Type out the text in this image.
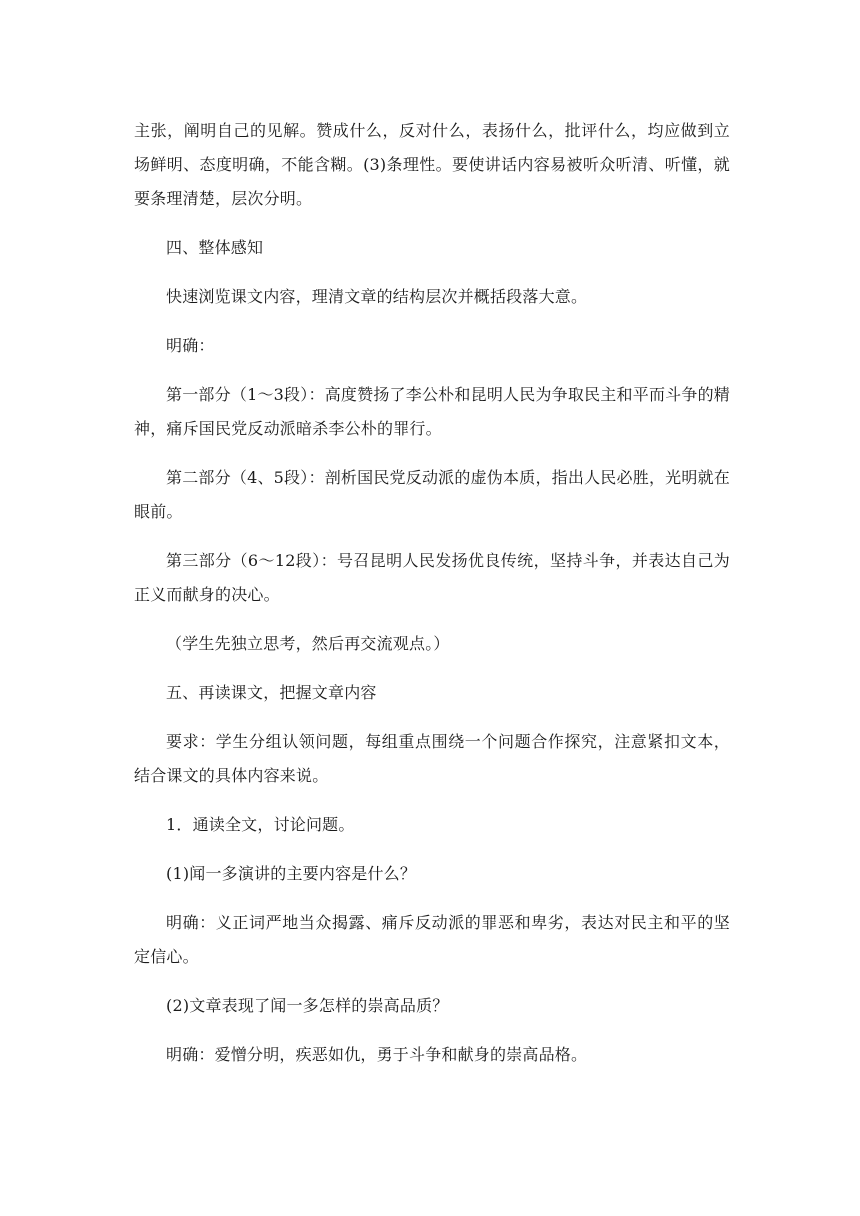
主张，阐明自己的见解。赞成什么，反对什么，表扬什么，批评什么，均应做到立场鲜明、态度明确，不能含糊。(3)条理性。要使讲话内容易被听众听清、听懂，就要条理清楚，层次分明。

四、整体感知

快速浏览课文内容，理清文章的结构层次并概括段落大意。

明确：

第一部分（1～3段）：高度赞扬了李公朴和昆明人民为争取民主和平而斗争的精神，痛斥国民党反动派暗杀李公朴的罪行。

第二部分（4、5段）：剖析国民党反动派的虚伪本质，指出人民必胜，光明就在眼前。

第三部分（6～12段）：号召昆明人民发扬优良传统，坚持斗争，并表达自己为正义而献身的决心。

（学生先独立思考，然后再交流观点。）

五、再读课文，把握文章内容

要求：学生分组认领问题，每组重点围绕一个问题合作探究，注意紧扣文本，结合课文的具体内容来说。

1．通读全文，讨论问题。

(1)闻一多演讲的主要内容是什么？

明确：义正词严地当众揭露、痛斥反动派的罪恶和卑劣，表达对民主和平的坚定信心。

(2)文章表现了闻一多怎样的崇高品质？

明确：爱憎分明，疾恶如仇，勇于斗争和献身的崇高品格。
